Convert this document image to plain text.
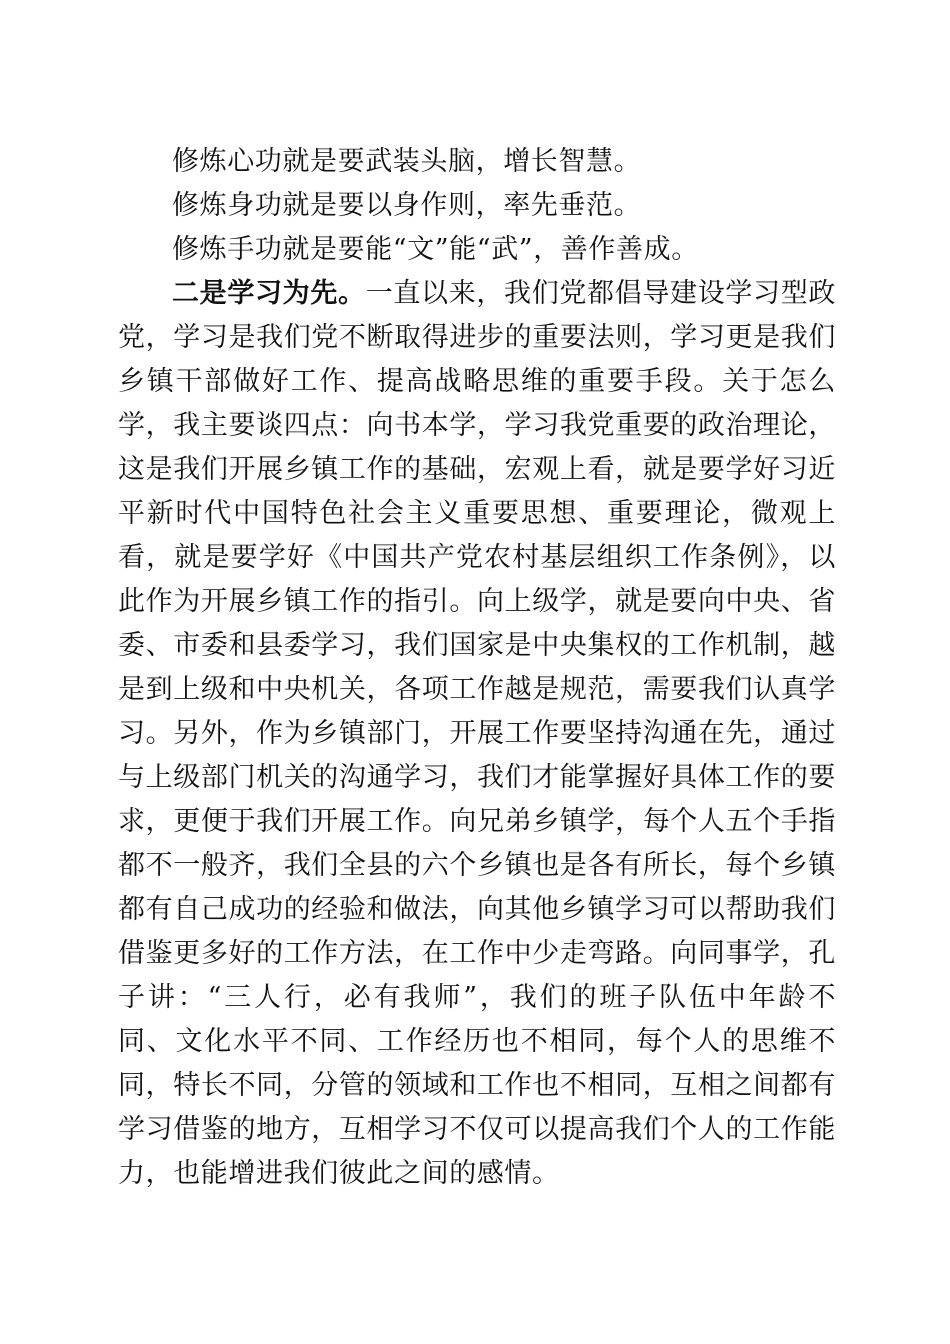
修炼心功就是要武装头脑，增长智慧。

修炼身功就是要以身作则，率先垂范。

修炼手功就是要能“文”能“武”，善作善成。

二是学习为先。一直以来，我们党都倡导建设学习型政党，学习是我们党不断取得进步的重要法则，学习更是我们乡镇干部做好工作、提高战略思维的重要手段。关于怎么学，我主要谈四点：向书本学，学习我党重要的政治理论，这是我们开展乡镇工作的基础，宏观上看，就是要学好习近平新时代中国特色社会主义重要思想、重要理论，微观上看，就是要学好《中国共产党农村基层组织工作条例》，以此作为开展乡镇工作的指引。向上级学，就是要向中央、省委、市委和县委学习，我们国家是中央集权的工作机制，越是到上级和中央机关，各项工作越是规范，需要我们认真学习。另外，作为乡镇部门，开展工作要坚持沟通在先，通过与上级部门机关的沟通学习，我们才能掌握好具体工作的要求，更便于我们开展工作。向兄弟乡镇学，每个人五个手指都不一般齐，我们全县的六个乡镇也是各有所长，每个乡镇都有自己成功的经验和做法，向其他乡镇学习可以帮助我们借鉴更多好的工作方法，在工作中少走弯路。向同事学，孔子讲：“三人行，必有我师”，我们的班子队伍中年龄不同、文化水平不同、工作经历也不相同，每个人的思维不同，特长不同，分管的领域和工作也不相同，互相之间都有学习借鉴的地方，互相学习不仅可以提高我们个人的工作能力，也能增进我们彼此之间的感情。
